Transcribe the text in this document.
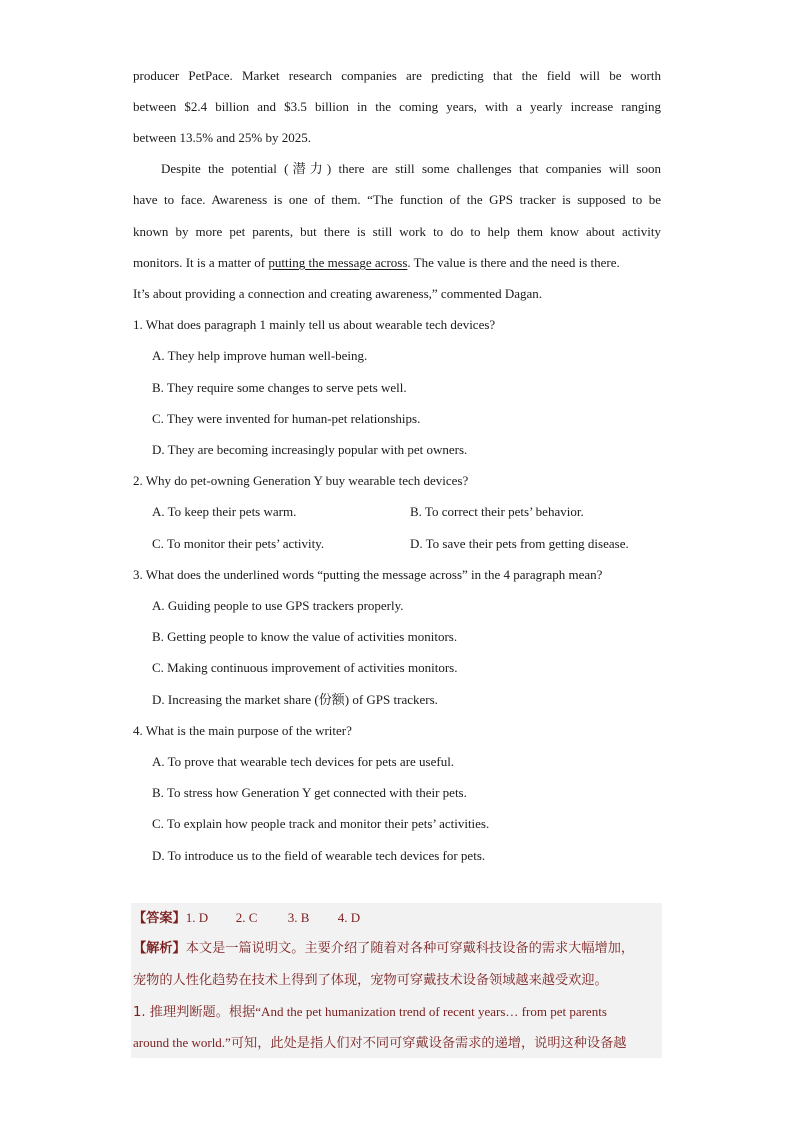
producer PetPace. Market research companies are predicting that the field will be worth
between $2.4 billion and $3.5 billion in the coming years, with a yearly increase ranging
between 13.5% and 25% by 2025.
Despite the potential (潜力) there are still some challenges that companies will soon
have to face. Awareness is one of them. “The function of the GPS tracker is supposed to be
known by more pet parents, but there is still work to do to help them know about activity
monitors. It is a matter of putting the message across. The value is there and the need is there.
It’s about providing a connection and creating awareness,” commented Dagan.
1. What does paragraph 1 mainly tell us about wearable tech devices?
A. They help improve human well-being.
B. They require some changes to serve pets well.
C. They were invented for human-pet relationships.
D. They are becoming increasingly popular with pet owners.
2. Why do pet-owning Generation Y buy wearable tech devices?
A. To keep their pets warm.	B. To correct their pets’ behavior.
C. To monitor their pets’ activity.	D. To save their pets from getting disease.
3. What does the underlined words “putting the message across” in the 4 paragraph mean?
A. Guiding people to use GPS trackers properly.
B. Getting people to know the value of activities monitors.
C. Making continuous improvement of activities monitors.
D. Increasing the market share (份额) of GPS trackers.
4. What is the main purpose of the writer?
A. To prove that wearable tech devices for pets are useful.
B. To stress how Generation Y get connected with their pets.
C. To explain how people track and monitor their pets’ activities.
D. To introduce us to the field of wearable tech devices for pets.
【答案】1. D 2. C 3. B 4. D
【解析】本文是一篇说明文。主要介绍了随着对各种可穿戴科技设备的需求大幅增加，
宠物的人性化趋势在技术上得到了体现，宠物可穿戴技术设备领域越来越受欢迎。
1. 推理判断题。根据“And the pet humanization trend of recent years… from pet parents
around the world.”可知，此处是指人们对不同可穿戴设备需求的递增，说明这种设备越
